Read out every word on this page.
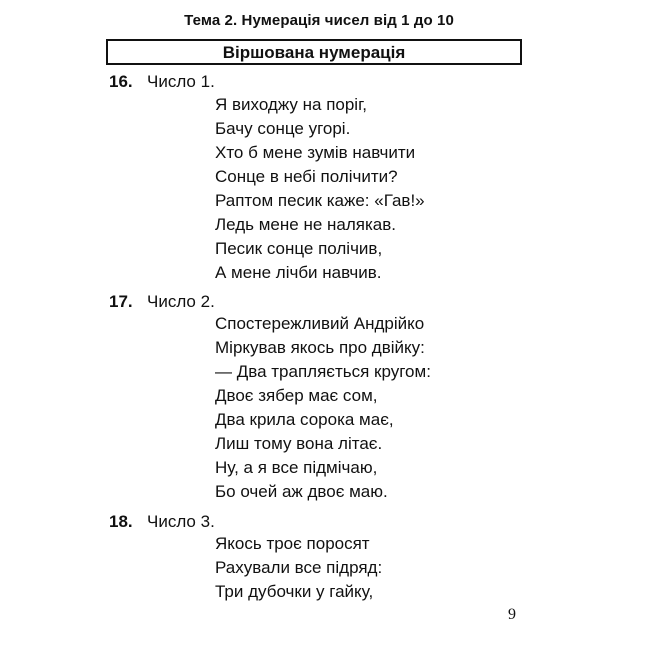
Тема 2. Нумерація чисел від 1 до 10
Віршована нумерація
16. Число 1.
Я виходжу на поріг,
Бачу сонце угорі.
Хто б мене зумів навчити
Сонце в небі полічити?
Раптом песик каже: «Гав!»
Ледь мене не налякав.
Песик сонце полічив,
А мене лічби навчив.
17. Число 2.
Спостережливий Андрійко
Міркував якось про двійку:
— Два трапляється кругом:
Двоє зябер має сом,
Два крила сорока має,
Лиш тому вона літає.
Ну, а я все підмічаю,
Бо очей аж двоє маю.
18. Число 3.
Якось троє поросят
Рахували все підряд:
Три дубочки у гайку,
9
